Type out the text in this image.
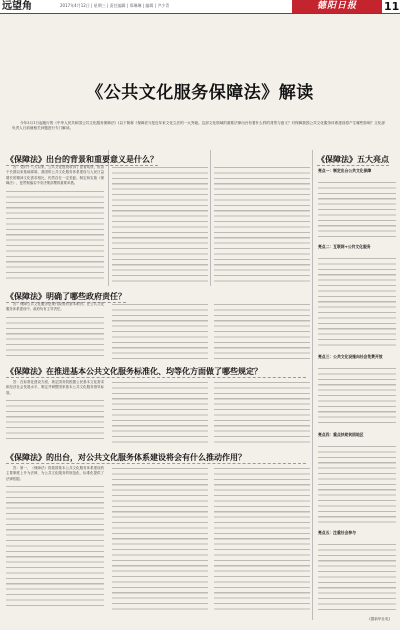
远望角	2017年4月12日 | 星期三 | 责任编辑 | 郑琳琳 | 编辑 | 尹少青	德阳日报	11
《公共文化服务保障法》解读
今年3月1日起施行的《中华人民共和国公共文化服务保障法》(以下简称《保障法》)是近年来文化立法的一大突破。这部文化领域的重要法律出台有着什么样的背景与意义？对保障我国公共文化服务体系建设将产生哪些影响？文化部负责人日前就相关问题进行专门解读。
《保障法》出台的背景和重要意义是什么？
答：党的十八大以来，公共文化建设取得了显著成绩，但由于长期以来基础薄弱，我国的公共文化服务体系建设与人民日益增长的精神文化需求相比，仍然存在一定差距。制定和实施《保障法》，是贯彻落实中央决策部署的重要举措。
《保障法》明确了哪些政府责任？
答：保障公共文化服务是现代政府的基本职责。在公共文化服务体系建设中，政府负有主导责任。
《保障法》在推进基本公共文化服务标准化、均等化方面做了哪些规定？
答：在标准化建设方面，规定国务院根据公民基本文化需求和经济社会发展水平，制定并调整国家基本公共文化服务指导标准。
《保障法》的出台，对公共文化服务体系建设将会有什么推动作用？
答：第一，《保障法》将我国基本公共文化服务体系建设的主要制度上升为法律，为公共文化服务的规范化、标准化提供了法律依据。
《保障法》五大亮点
亮点一：制定出台公共文化保障
亮点二：互联网+公共文化服务
亮点三：公共文化设施向社会免费开放
亮点四：重点扶助贫困地区
亮点五：注重社会参与
(据新华社电)
